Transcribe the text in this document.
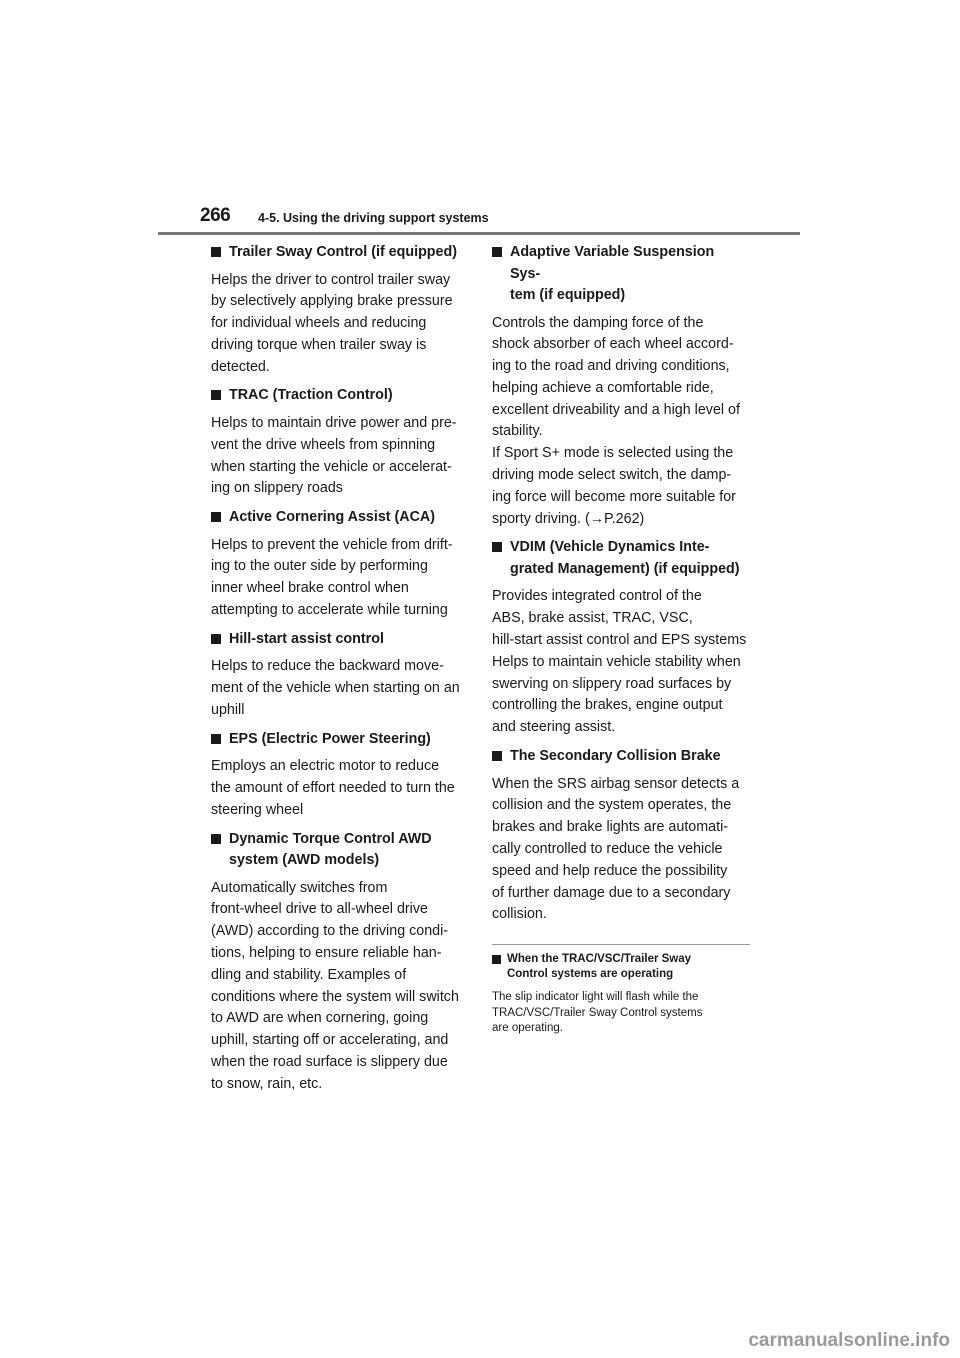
266 4-5. Using the driving support systems
Trailer Sway Control (if equipped)
Helps the driver to control trailer sway
by selectively applying brake pressure
for individual wheels and reducing
driving torque when trailer sway is
detected.
TRAC (Traction Control)
Helps to maintain drive power and pre-
vent the drive wheels from spinning
when starting the vehicle or accelerat-
ing on slippery roads
Active Cornering Assist (ACA)
Helps to prevent the vehicle from drift-
ing to the outer side by performing
inner wheel brake control when
attempting to accelerate while turning
Hill-start assist control
Helps to reduce the backward move-
ment of the vehicle when starting on an
uphill
EPS (Electric Power Steering)
Employs an electric motor to reduce
the amount of effort needed to turn the
steering wheel
Dynamic Torque Control AWD
system (AWD models)
Automatically switches from
front-wheel drive to all-wheel drive
(AWD) according to the driving condi-
tions, helping to ensure reliable han-
dling and stability. Examples of
conditions where the system will switch
to AWD are when cornering, going
uphill, starting off or accelerating, and
when the road surface is slippery due
to snow, rain, etc.
Adaptive Variable Suspension Sys-
tem (if equipped)
Controls the damping force of the
shock absorber of each wheel accord-
ing to the road and driving conditions,
helping achieve a comfortable ride,
excellent driveability and a high level of
stability.
If Sport S+ mode is selected using the
driving mode select switch, the damp-
ing force will become more suitable for
sporty driving. (→P.262)
VDIM (Vehicle Dynamics Inte-
grated Management) (if equipped)
Provides integrated control of the
ABS, brake assist, TRAC, VSC,
hill-start assist control and EPS systems
Helps to maintain vehicle stability when
swerving on slippery road surfaces by
controlling the brakes, engine output
and steering assist.
The Secondary Collision Brake
When the SRS airbag sensor detects a
collision and the system operates, the
brakes and brake lights are automati-
cally controlled to reduce the vehicle
speed and help reduce the possibility
of further damage due to a secondary
collision.
When the TRAC/VSC/Trailer Sway
Control systems are operating
The slip indicator light will flash while the
TRAC/VSC/Trailer Sway Control systems
are operating.
carmanualsonline.info
